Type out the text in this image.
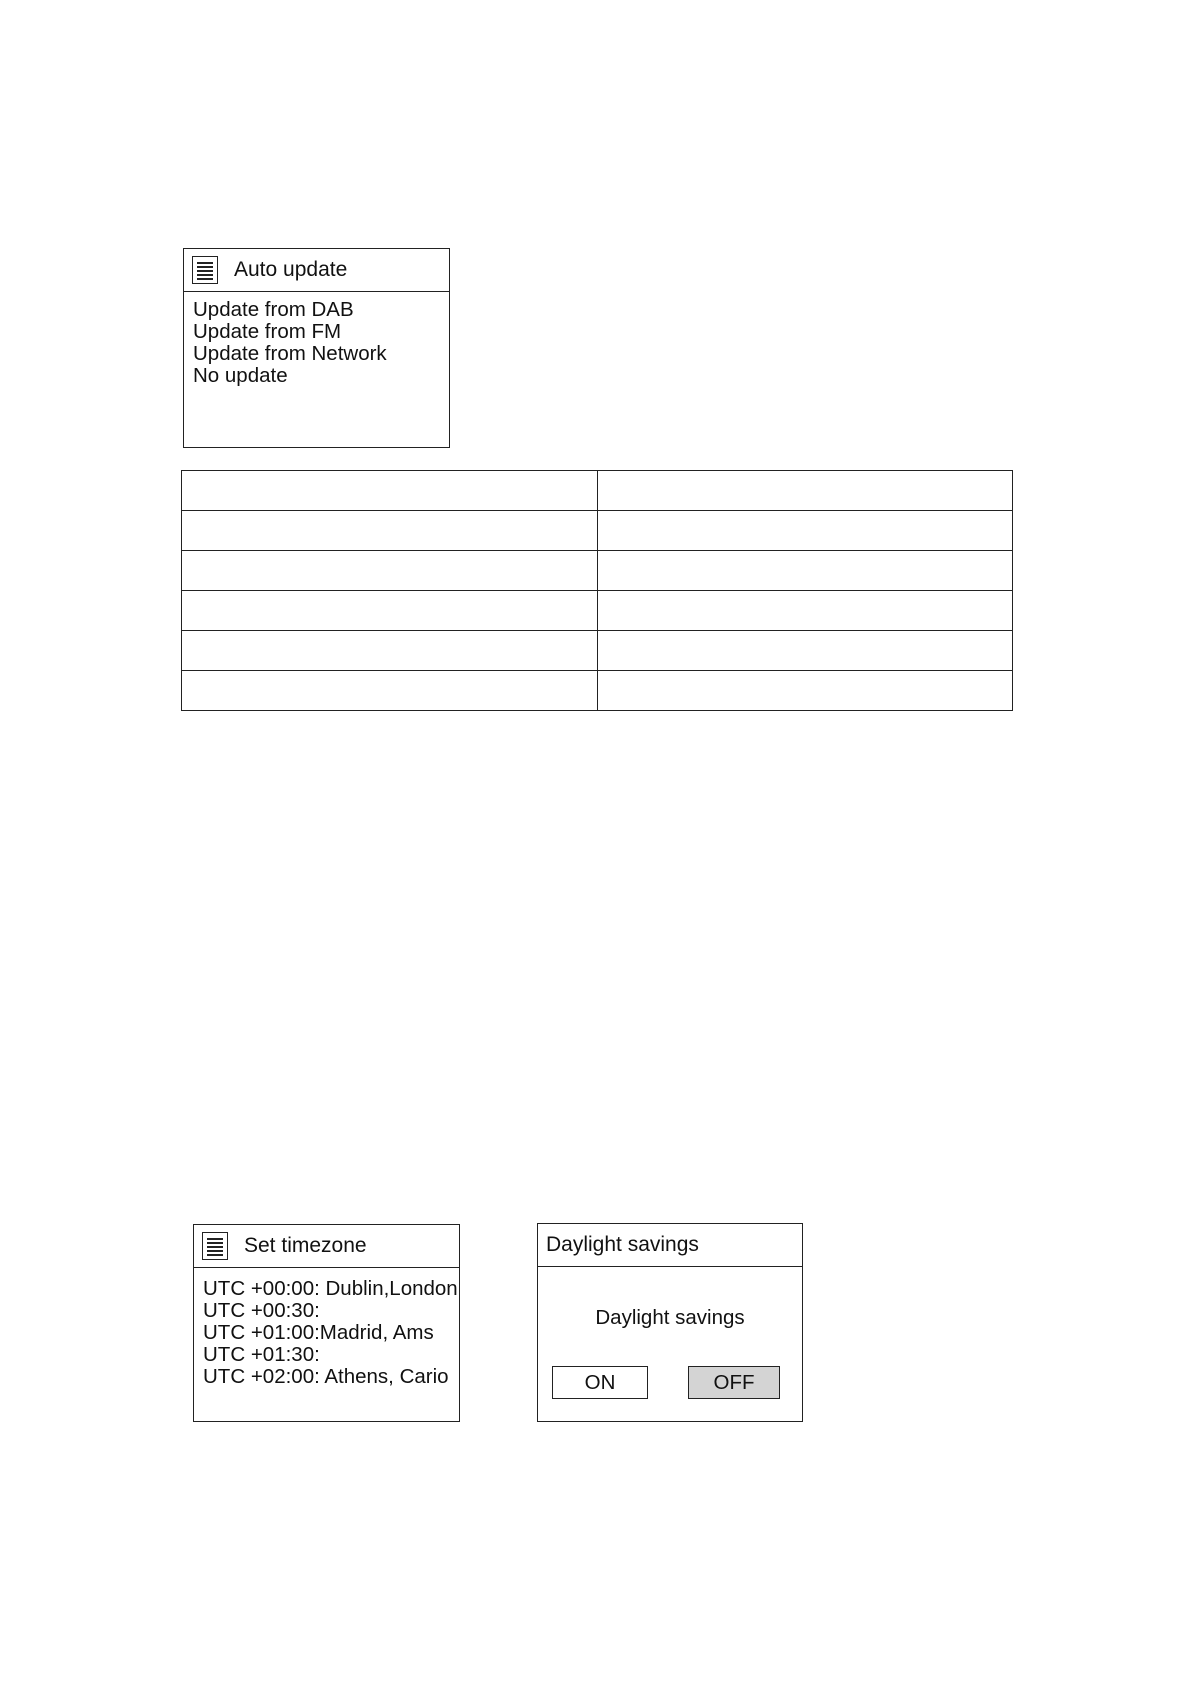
Auto update
Update from DAB
Update from FM
Update from Network
No update

Set timezone
UTC +00:00: Dublin,London
UTC +00:30:
UTC +01:00:Madrid, Ams
UTC +01:30:
UTC +02:00: Athens, Cario
Daylight savings
Daylight savings
ON	OFF
